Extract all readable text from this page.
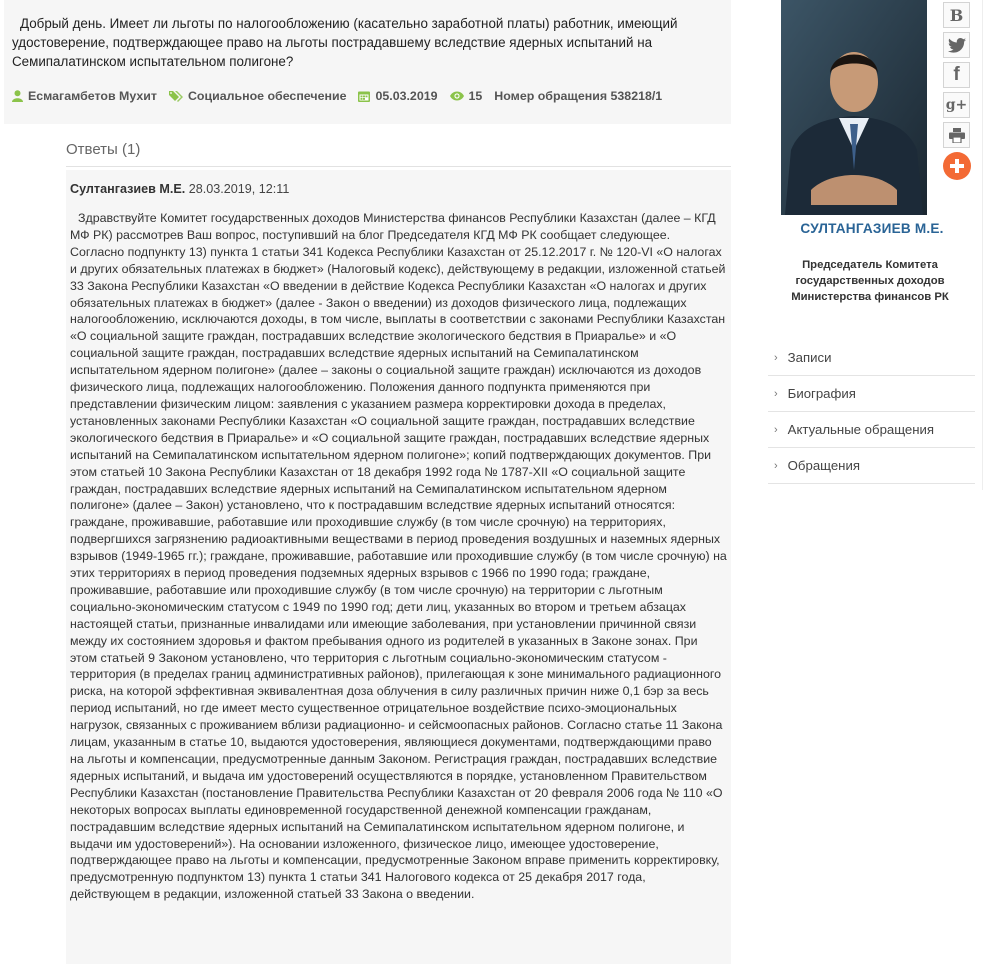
Добрый день. Имеет ли льготы по налогообложению (касательно заработной платы) работник, имеющий удостоверение, подтверждающее право на льготы пострадавшему вследствие ядерных испытаний на Семипалатинском испытательном полигоне?

Есмагамбетов Мухит	Социальное обеспечение 05.03.2019	15 Номер обращения 538218/1
Ответы (1)
Султангазиев М.Е. 28.03.2019, 12:11

Здравствуйте Комитет государственных доходов Министерства финансов Республики Казахстан (далее – КГД МФ РК) рассмотрев Ваш вопрос, поступивший на блог Председателя КГД МФ РК сообщает следующее. Согласно подпункту 13) пункта 1 статьи 341 Кодекса Республики Казахстан от 25.12.2017 г. № 120-VI «О налогах и других обязательных платежах в бюджет» (Налоговый кодекс), действующему в редакции, изложенной статьей 33 Закона Республики Казахстан «О введении в действие Кодекса Республики Казахстан «О налогах и других обязательных платежах в бюджет» (далее - Закон о введении) из доходов физического лица, подлежащих налогообложению, исключаются доходы, в том числе, выплаты в соответствии с законами Республики Казахстан «О социальной защите граждан, пострадавших вследствие экологического бедствия в Приаралье» и «О социальной защите граждан, пострадавших вследствие ядерных испытаний на Семипалатинском испытательном ядерном полигоне» (далее – законы о социальной защите граждан) исключаются из доходов физического лица, подлежащих налогообложению. Положения данного подпункта применяются при представлении физическим лицом: заявления с указанием размера корректировки дохода в пределах, установленных законами Республики Казахстан «О социальной защите граждан, пострадавших вследствие экологического бедствия в Приаралье» и «О социальной защите граждан, пострадавших вследствие ядерных испытаний на Семипалатинском испытательном ядерном полигоне»; копий подтверждающих документов. При этом статьей 10 Закона Республики Казахстан от 18 декабря 1992 года № 1787-XII «О социальной защите граждан, пострадавших вследствие ядерных испытаний на Семипалатинском испытательном ядерном полигоне» (далее – Закон) установлено, что к пострадавшим вследствие ядерных испытаний относятся: граждане, проживавшие, работавшие или проходившие службу (в том числе срочную) на территориях, подвергшихся загрязнению радиоактивными веществами в период проведения воздушных и наземных ядерных взрывов (1949-1965 гг.); граждане, проживавшие, работавшие или проходившие службу (в том числе срочную) на этих территориях в период проведения подземных ядерных взрывов с 1966 по 1990 года; граждане, проживавшие, работавшие или проходившие службу (в том числе срочную) на территории с льготным социально-экономическим статусом с 1949 по 1990 год; дети лиц, указанных во втором и третьем абзацах настоящей статьи, признанные инвалидами или имеющие заболевания, при установлении причинной связи между их состоянием здоровья и фактом пребывания одного из родителей в указанных в Законе зонах. При этом статьей 9 Законом установлено, что территория с льготным социально-экономическим статусом - территория (в пределах границ административных районов), прилегающая к зоне минимального радиационного риска, на которой эффективная эквивалентная доза облучения в силу различных причин ниже 0,1 бэр за весь период испытаний, но где имеет место существенное отрицательное воздействие психо-эмоциональных нагрузок, связанных с проживанием вблизи радиационно- и сейсмоопасных районов. Согласно статье 11 Закона лицам, указанным в статье 10, выдаются удостоверения, являющиеся документами, подтверждающими право на льготы и компенсации, предусмотренные данным Законом. Регистрация граждан, пострадавших вследствие ядерных испытаний, и выдача им удостоверений осуществляются в порядке, установленном Правительством Республики Казахстан (постановление Правительства Республики Казахстан от 20 февраля 2006 года № 110 «О некоторых вопросах выплаты единовременной государственной денежной компенсации гражданам, пострадавшим вследствие ядерных испытаний на Семипалатинском испытательном ядерном полигоне, и выдачи им удостоверений»). На основании изложенного, физическое лицо, имеющее удостоверение, подтверждающее право на льготы и компенсации, предусмотренные Законом вправе применить корректировку, предусмотренную подпунктом 13) пункта 1 статьи 341 Налогового кодекса от 25 декабря 2017 года, действующем в редакции, изложенной статьей 33 Закона о введении.

СУЛТАНГАЗИЕВ М.Е.
Председатель Комитета государственных доходов Министерства финансов РК
› Записи
› Биография
› Актуальные обращения
› Обращения
В
f
g+
